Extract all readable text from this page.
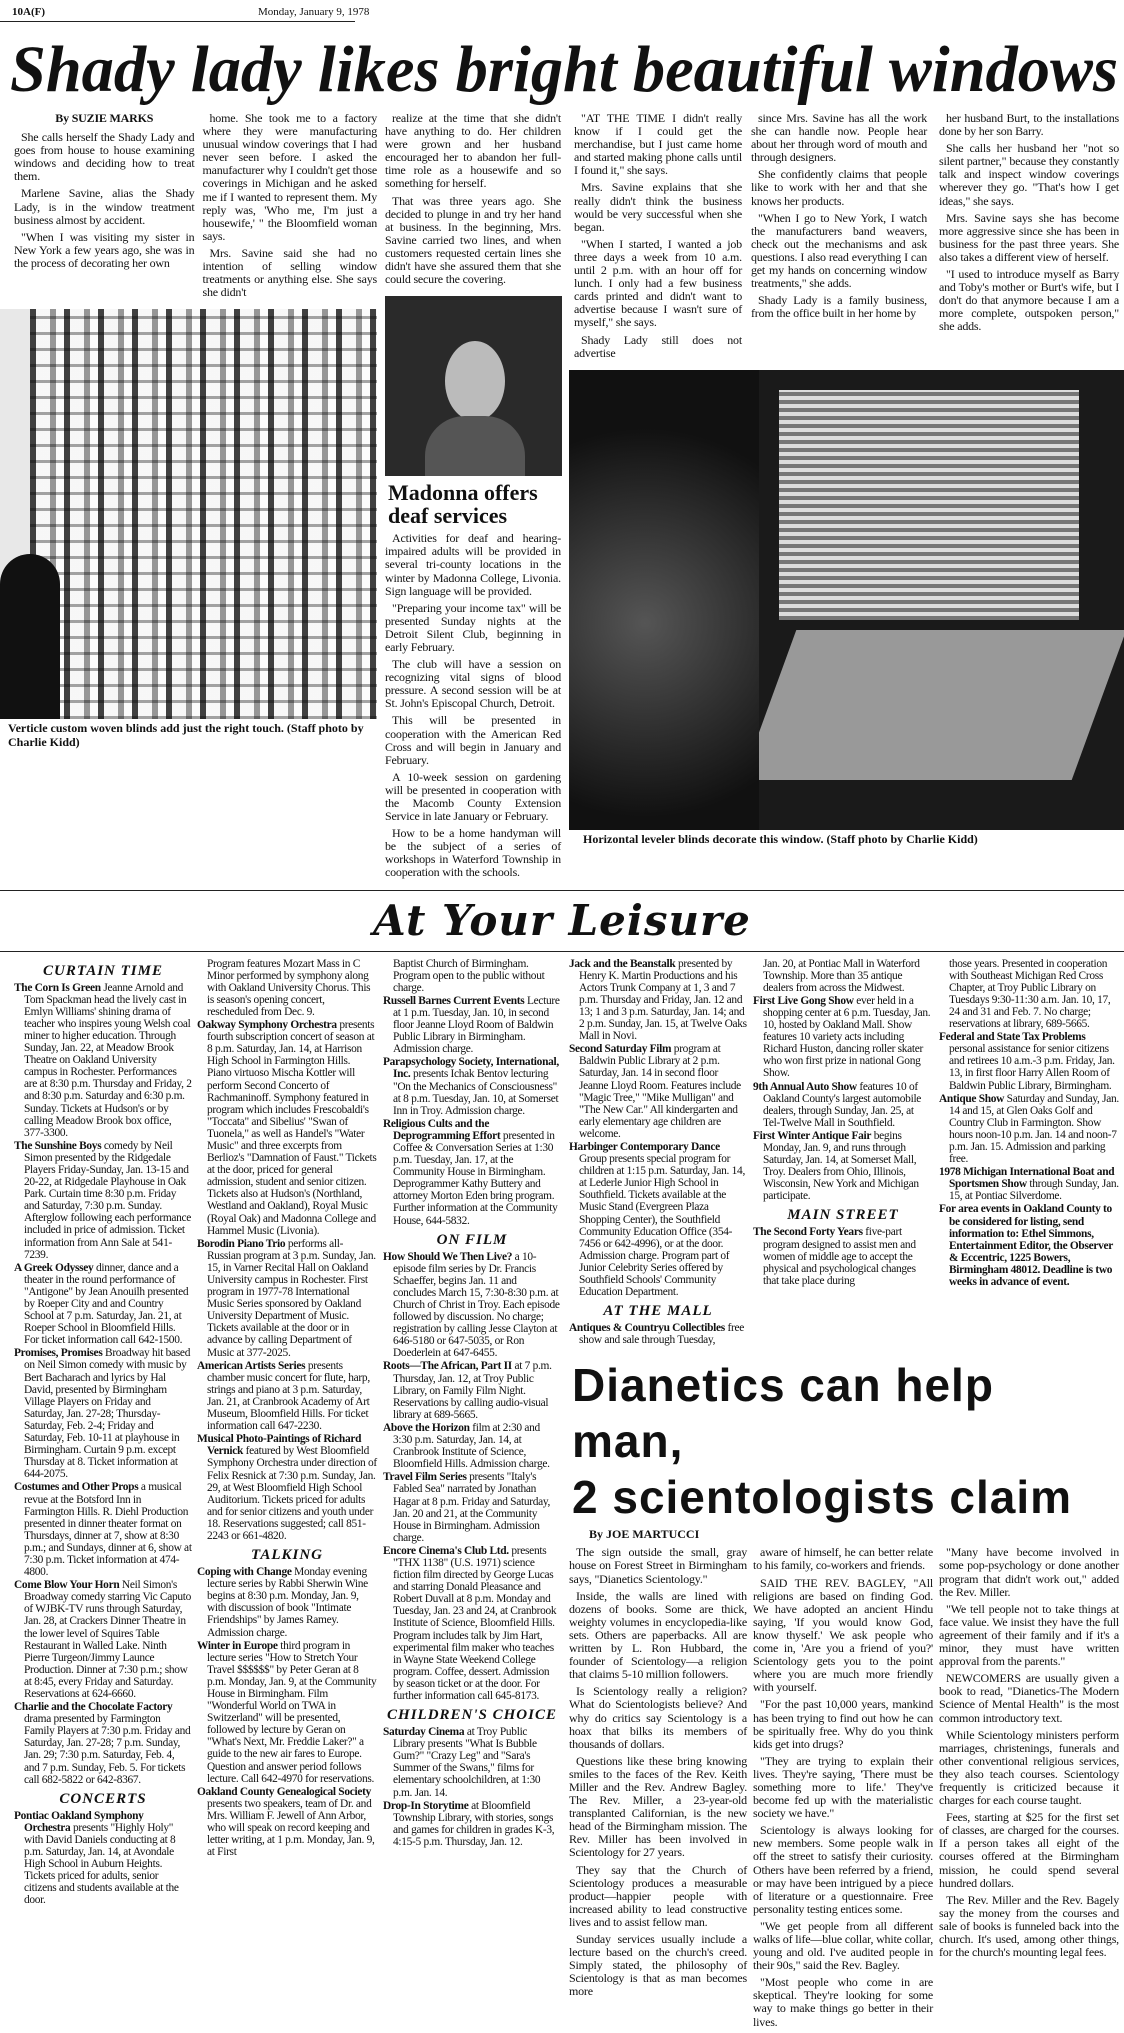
10A(F)	Monday, January 9, 1978
Shady lady likes bright beautiful windows
By SUZIE MARKS

She calls herself the Shady Lady and goes from house to house examining windows and deciding how to treat them.

Marlene Savine, alias the Shady Lady, is in the window treatment business almost by accident.

"When I was visiting my sister in New York a few years ago, she was in the process of decorating her own

home. She took me to a factory where they were manufacturing unusual window coverings that I had never seen before. I asked the manufacturer why I couldn't get those coverings in Michigan and he asked me if I wanted to represent them. My reply was, 'Who me, I'm just a housewife,' " the Bloomfield woman says.

Mrs. Savine said she had no intention of selling window treatments or anything else. She says she didn't

Verticle custom woven blinds add just the right touch. (Staff photo by Charlie Kidd)

realize at the time that she didn't have anything to do. Her children were grown and her husband encouraged her to abandon her full-time role as a housewife and so something for herself.

That was three years ago. She decided to plunge in and try her hand at business. In the beginning, Mrs. Savine carried two lines, and when customers requested certain lines she didn't have she assured them that she could secure the covering.

Madonna offers deaf services

Activities for deaf and hearing-impaired adults will be provided in several tri-county locations in the winter by Madonna College, Livonia. Sign language will be provided.

"Preparing your income tax" will be presented Sunday nights at the Detroit Silent Club, beginning in early February.

The club will have a session on recognizing vital signs of blood pressure. A second session will be at St. John's Episcopal Church, Detroit.

This will be presented in cooperation with the American Red Cross and will begin in January and February.

A 10-week session on gardening will be presented in cooperation with the Macomb County Extension Service in late January or February.

How to be a home handyman will be the subject of a series of workshops in Waterford Township in cooperation with the schools.

"AT THE TIME I didn't really know if I could get the merchandise, but I just came home and started making phone calls until I found it," she says.

Mrs. Savine explains that she really didn't think the business would be very successful when she began.

"When I started, I wanted a job three days a week from 10 a.m. until 2 p.m. with an hour off for lunch. I only had a few business cards printed and didn't want to advertise because I wasn't sure of myself," she says.

Shady Lady still does not advertise

since Mrs. Savine has all the work she can handle now. People hear about her through word of mouth and through designers.

She confidently claims that people like to work with her and that she knows her products.

"When I go to New York, I watch the manufacturers band weavers, check out the mechanisms and ask questions. I also read everything I can get my hands on concerning window treatments," she adds.

Shady Lady is a family business, from the office built in her home by

her husband Burt, to the installations done by her son Barry.

She calls her husband her "not so silent partner," because they constantly talk and inspect window coverings wherever they go. "That's how I get ideas," she says.

Mrs. Savine says she has become more aggressive since she has been in business for the past three years. She also takes a different view of herself.

"I used to introduce myself as Barry and Toby's mother or Burt's wife, but I don't do that anymore because I am a more complete, outspoken person," she adds.

Horizontal leveler blinds decorate this window. (Staff photo by Charlie Kidd)
At Your Leisure
CURTAIN TIME
The Corn Is Green Jeanne Arnold and Tom Spackman head the lively cast in Emlyn Williams' shining drama of teacher who inspires young Welsh coal miner to higher education. Through Sunday, Jan. 22, at Meadow Brook Theatre on Oakland University campus in Rochester. Performances are at 8:30 p.m. Thursday and Friday, 2 and 8:30 p.m. Saturday and 6:30 p.m. Sunday. Tickets at Hudson's or by calling Meadow Brook box office, 377-3300.
The Sunshine Boys comedy by Neil Simon presented by the Ridgedale Players Friday-Sunday, Jan. 13-15 and 20-22, at Ridgedale Playhouse in Oak Park. Curtain time 8:30 p.m. Friday and Saturday, 7:30 p.m. Sunday. Afterglow following each performance included in price of admission. Ticket information from Ann Sale at 541-7239.
A Greek Odyssey dinner, dance and a theater in the round performance of "Antigone" by Jean Anouilh presented by Roeper City and and Country School at 7 p.m. Saturday, Jan. 21, at Roeper School in Bloomfield Hills. For ticket information call 642-1500.
Promises, Promises Broadway hit based on Neil Simon comedy with music by Bert Bacharach and lyrics by Hal David, presented by Birmingham Village Players on Friday and Saturday, Jan. 27-28; Thursday-Saturday, Feb. 2-4; Friday and Saturday, Feb. 10-11 at playhouse in Birmingham. Curtain 9 p.m. except Thursday at 8. Ticket information at 644-2075.
Costumes and Other Props a musical revue at the Botsford Inn in Farmington Hills. R. Diehl Production presented in dinner theater format on Thursdays, dinner at 7, show at 8:30 p.m.; and Sundays, dinner at 6, show at 7:30 p.m. Ticket information at 474-4800.
Come Blow Your Horn Neil Simon's Broadway comedy starring Vic Caputo of WJBK-TV runs through Saturday, Jan. 28, at Crackers Dinner Theatre in the lower level of Squires Table Restaurant in Walled Lake. Ninth Pierre Turgeon/Jimmy Launce Production. Dinner at 7:30 p.m.; show at 8:45, every Friday and Saturday. Reservations at 624-6660.
Charlie and the Chocolate Factory drama presented by Farmington Family Players at 7:30 p.m. Friday and Saturday, Jan. 27-28; 7 p.m. Sunday, Jan. 29; 7:30 p.m. Saturday, Feb. 4, and 7 p.m. Sunday, Feb. 5. For tickets call 682-5822 or 642-8367.
CONCERTS
Pontiac Oakland Symphony Orchestra presents "Highly Holy" with David Daniels conducting at 8 p.m. Saturday, Jan. 14, at Avondale High School in Auburn Heights. Tickets priced for adults, senior citizens and students available at the door.
Program features Mozart Mass in C Minor performed by symphony along with Oakland University Chorus. This is season's opening concert, rescheduled from Dec. 9.
Oakway Symphony Orchestra presents fourth subscription concert of season at 8 p.m. Saturday, Jan. 14, at Harrison High School in Farmington Hills. Piano virtuoso Mischa Kottler will perform Second Concerto of Rachmaninoff. Symphony featured in program which includes Frescobaldi's "Toccata" and Sibelius' "Swan of Tuonela," as well as Handel's "Water Music" and three excerpts from Berlioz's "Damnation of Faust." Tickets at the door, priced for general admission, student and senior citizen. Tickets also at Hudson's (Northland, Westland and Oakland), Royal Music (Royal Oak) and Madonna College and Hammel Music (Livonia).
Borodin Piano Trio performs all-Russian program at 3 p.m. Sunday, Jan. 15, in Varner Recital Hall on Oakland University campus in Rochester. First program in 1977-78 International Music Series sponsored by Oakland University Department of Music. Tickets available at the door or in advance by calling Department of Music at 377-2025.
American Artists Series presents chamber music concert for flute, harp, strings and piano at 3 p.m. Saturday, Jan. 21, at Cranbrook Academy of Art Museum, Bloomfield Hills. For ticket information call 647-2230.
Musical Photo-Paintings of Richard Vernick featured by West Bloomfield Symphony Orchestra under direction of Felix Resnick at 7:30 p.m. Sunday, Jan. 29, at West Bloomfield High School Auditorium. Tickets priced for adults and for senior citizens and youth under 18. Reservations suggested; call 851-2243 or 661-4820.
TALKING
Coping with Change Monday evening lecture series by Rabbi Sherwin Wine begins at 8:30 p.m. Monday, Jan. 9, with discussion of book "Intimate Friendships" by James Ramey. Admission charge.
Winter in Europe third program in lecture series "How to Stretch Your Travel $$$$$$" by Peter Geran at 8 p.m. Monday, Jan. 9, at the Community House in Birmingham. Film "Wonderful World on TWA in Switzerland" will be presented, followed by lecture by Geran on "What's Next, Mr. Freddie Laker?" a guide to the new air fares to Europe. Question and answer period follows lecture. Call 642-4970 for reservations.
Oakland County Genealogical Society presents two speakers, team of Dr. and Mrs. William F. Jewell of Ann Arbor, who will speak on record keeping and letter writing, at 1 p.m. Monday, Jan. 9, at First
Baptist Church of Birmingham. Program open to the public without charge.
Russell Barnes Current Events Lecture at 1 p.m. Tuesday, Jan. 10, in second floor Jeanne Lloyd Room of Baldwin Public Library in Birmingham. Admission charge.
Parapsychology Society, International, Inc. presents Ichak Bentov lecturing "On the Mechanics of Consciousness" at 8 p.m. Tuesday, Jan. 10, at Somerset Inn in Troy. Admission charge.
Religious Cults and the Deprogramming Effort presented in Coffee & Conversation Series at 1:30 p.m. Tuesday, Jan. 17, at the Community House in Birmingham. Deprogrammer Kathy Buttery and attorney Morton Eden bring program. Further information at the Community House, 644-5832.
ON FILM
How Should We Then Live? a 10-episode film series by Dr. Francis Schaeffer, begins Jan. 11 and concludes March 15, 7:30-8:30 p.m. at Church of Christ in Troy. Each episode followed by discussion. No charge; registration by calling Jesse Clayton at 646-5180 or 647-5035, or Ron Doederlein at 647-6455.
Roots—The African, Part II at 7 p.m. Thursday, Jan. 12, at Troy Public Library, on Family Film Night. Reservations by calling audio-visual library at 689-5665.
Above the Horizon film at 2:30 and 3:30 p.m. Saturday, Jan. 14, at Cranbrook Institute of Science, Bloomfield Hills. Admission charge.
Travel Film Series presents "Italy's Fabled Sea" narrated by Jonathan Hagar at 8 p.m. Friday and Saturday, Jan. 20 and 21, at the Community House in Birmingham. Admission charge.
Encore Cinema's Club Ltd. presents "THX 1138" (U.S. 1971) science fiction film directed by George Lucas and starring Donald Pleasance and Robert Duvall at 8 p.m. Monday and Tuesday, Jan. 23 and 24, at Cranbrook Institute of Science, Bloomfield Hills. Program includes talk by Jim Hart, experimental film maker who teaches in Wayne State Weekend College program. Coffee, dessert. Admission by season ticket or at the door. For further information call 645-8173.
CHILDREN'S CHOICE
Saturday Cinema at Troy Public Library presents "What Is Bubble Gum?" "Crazy Leg" and "Sara's Summer of the Swans," films for elementary schoolchildren, at 1:30 p.m. Jan. 14.
Drop-In Storytime at Bloomfield Township Library, with stories, songs and games for children in grades K-3, 4:15-5 p.m. Thursday, Jan. 12.
Jack and the Beanstalk presented by Henry K. Martin Productions and his Actors Trunk Company at 1, 3 and 7 p.m. Thursday and Friday, Jan. 12 and 13; 1 and 3 p.m. Saturday, Jan. 14; and 2 p.m. Sunday, Jan. 15, at Twelve Oaks Mall in Novi.
Second Saturday Film program at Baldwin Public Library at 2 p.m. Saturday, Jan. 14 in second floor Jeanne Lloyd Room. Features include "Magic Tree," "Mike Mulligan" and "The New Car." All kindergarten and early elementary age children are welcome.
Harbinger Contemporary Dance Group presents special program for children at 1:15 p.m. Saturday, Jan. 14, at Lederle Junior High School in Southfield. Tickets available at the Music Stand (Evergreen Plaza Shopping Center), the Southfield Community Education Office (354-7456 or 642-4996), or at the door. Admission charge. Program part of Junior Celebrity Series offered by Southfield Schools' Community Education Department.
AT THE MALL
Antiques & Countryu Collectibles free show and sale through Tuesday,
Jan. 20, at Pontiac Mall in Waterford Township. More than 35 antique dealers from across the Midwest.
First Live Gong Show ever held in a shopping center at 6 p.m. Tuesday, Jan. 10, hosted by Oakland Mall. Show features 10 variety acts including Richard Huston, dancing roller skater who won first prize in national Gong Show.
9th Annual Auto Show features 10 of Oakland County's largest automobile dealers, through Sunday, Jan. 25, at Tel-Twelve Mall in Southfield.
First Winter Antique Fair begins Monday, Jan. 9, and runs through Saturday, Jan. 14, at Somerset Mall, Troy. Dealers from Ohio, Illinois, Wisconsin, New York and Michigan participate.
MAIN STREET
The Second Forty Years five-part program designed to assist men and women of middle age to accept the physical and psychological changes that take place during
those years. Presented in cooperation with Southeast Michigan Red Cross Chapter, at Troy Public Library on Tuesdays 9:30-11:30 a.m. Jan. 10, 17, 24 and 31 and Feb. 7. No charge; reservations at library, 689-5665.
Federal and State Tax Problems personal assistance for senior citizens and retirees 10 a.m.-3 p.m. Friday, Jan. 13, in first floor Harry Allen Room of Baldwin Public Library, Birmingham.
Antique Show Saturday and Sunday, Jan. 14 and 15, at Glen Oaks Golf and Country Club in Farmington. Show hours noon-10 p.m. Jan. 14 and noon-7 p.m. Jan. 15. Admission and parking free.
1978 Michigan International Boat and Sportsmen Show through Sunday, Jan. 15, at Pontiac Silverdome.
For area events in Oakland County to be considered for listing, send information to: Ethel Simmons, Entertainment Editor, the Observer & Eccentric, 1225 Bowers, Birmingham 48012. Deadline is two weeks in advance of event.
Dianetics can help man,
2 scientologists claim
By JOE MARTUCCI

The sign outside the small, gray house on Forest Street in Birmingham says, "Dianetics Scientology."

Inside, the walls are lined with dozens of books. Some are thick, weighty volumes in encyclopedia-like sets. Others are paperbacks. All are written by L. Ron Hubbard, the founder of Scientology—a religion that claims 5-10 million followers.

Is Scientology really a religion? What do Scientologists believe? And why do critics say Scientology is a hoax that bilks its members of thousands of dollars.

Questions like these bring knowing smiles to the faces of the Rev. Keith Miller and the Rev. Andrew Bagley. The Rev. Miller, a 23-year-old transplanted Californian, is the new head of the Birmingham mission. The Rev. Miller has been involved in Scientology for 27 years.

They say that the Church of Scientology produces a measurable product—happier people with increased ability to lead constructive lives and to assist fellow man.

Sunday services usually include a lecture based on the church's creed. Simply stated, the philosophy of Scientology is that as man becomes more

aware of himself, he can better relate to his family, co-workers and friends.

SAID THE REV. BAGLEY, "All religions are based on finding God. We have adopted an ancient Hindu saying, 'If you would know God, know thyself.' We ask people who come in, 'Are you a friend of you?' Scientology gets you to the point where you are much more friendly with yourself.

"For the past 10,000 years, mankind has been trying to find out how he can be spiritually free. Why do you think kids get into drugs?

"They are trying to explain their lives. They're saying, 'There must be something more to life.' They've become fed up with the materialistic society we have."

Scientology is always looking for new members. Some people walk in off the street to satisfy their curiosity. Others have been referred by a friend, or may have been intrigued by a piece of literature or a questionnaire. Free personality testing entices some.

"We get people from all different walks of life—blue collar, white collar, young and old. I've audited people in their 90s," said the Rev. Bagley.

"Most people who come in are skeptical. They're looking for some way to make things go better in their lives.

"Many have become involved in some pop-psychology or done another program that didn't work out," added the Rev. Miller.

"We tell people not to take things at face value. We insist they have the full agreement of their family and if it's a minor, they must have written approval from the parents."

NEWCOMERS are usually given a book to read, "Dianetics-The Modern Science of Mental Health" is the most common introductory text.

While Scientology ministers perform marriages, christenings, funerals and other conventional religious services, they also teach courses. Scientology frequently is criticized because it charges for each course taught.

Fees, starting at $25 for the first set of classes, are charged for the courses. If a person takes all eight of the courses offered at the Birmingham mission, he could spend several hundred dollars.

The Rev. Miller and the Rev. Bagely say the money from the courses and sale of books is funneled back into the church. It's used, among other things, for the church's mounting legal fees.
